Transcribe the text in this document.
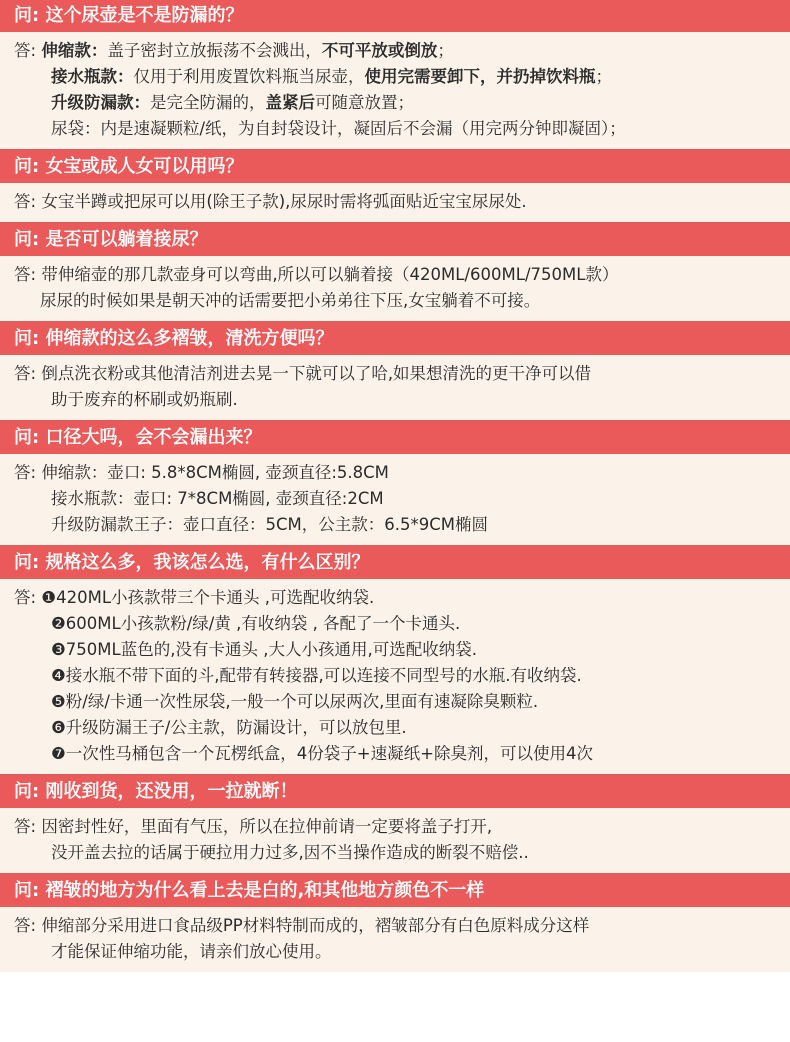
问: 这个尿壶是不是防漏的？
答: 伸缩款：盖子密封立放振荡不会溅出，不可平放或倒放；
接水瓶款：仅用于利用废置饮料瓶当尿壶，使用完需要卸下，并扔掉饮料瓶；
升级防漏款：是完全防漏的，盖紧后可随意放置；
尿袋：内是速凝颗粒/纸，为自封袋设计，凝固后不会漏（用完两分钟即凝固）；
问: 女宝或成人女可以用吗？
答: 女宝半蹲或把尿可以用(除王子款),尿尿时需将弧面贴近宝宝尿尿处.
问: 是否可以躺着接尿？
答: 带伸缩壶的那几款壶身可以弯曲,所以可以躺着接（420ML/600ML/750ML款）
尿尿的时候如果是朝天冲的话需要把小弟弟往下压,女宝躺着不可接。
问: 伸缩款的这么多褶皱，清洗方便吗？
答: 倒点洗衣粉或其他清洁剂进去晃一下就可以了哈,如果想清洗的更干净可以借
助于废弃的杯刷或奶瓶刷.
问: 口径大吗，会不会漏出来？
答: 伸缩款：壶口: 5.8*8CM椭圆, 壶颈直径:5.8CM
接水瓶款：壶口: 7*8CM椭圆, 壶颈直径:2CM
升级防漏款王子：壶口直径：5CM，公主款：6.5*9CM椭圆
问: 规格这么多，我该怎么选，有什么区别？
答: ❶420ML小孩款带三个卡通头 ,可选配收纳袋.
❷600ML小孩款粉/绿/黄 ,有收纳袋 , 各配了一个卡通头.
❸750ML蓝色的,没有卡通头 ,大人小孩通用,可选配收纳袋.
❹接水瓶不带下面的斗,配带有转接器,可以连接不同型号的水瓶.有收纳袋.
❺粉/绿/卡通一次性尿袋,一般一个可以尿两次,里面有速凝除臭颗粒.
❻升级防漏王子/公主款，防漏设计，可以放包里.
❼一次性马桶包含一个瓦楞纸盒，4份袋子+速凝纸+除臭剂，可以使用4次
问: 刚收到货，还没用，一拉就断！
答: 因密封性好，里面有气压，所以在拉伸前请一定要将盖子打开,
没开盖去拉的话属于硬拉用力过多,因不当操作造成的断裂不赔偿..
问: 褶皱的地方为什么看上去是白的,和其他地方颜色不一样
答: 伸缩部分采用进口食品级PP材料特制而成的，褶皱部分有白色原料成分这样
才能保证伸缩功能，请亲们放心使用。
